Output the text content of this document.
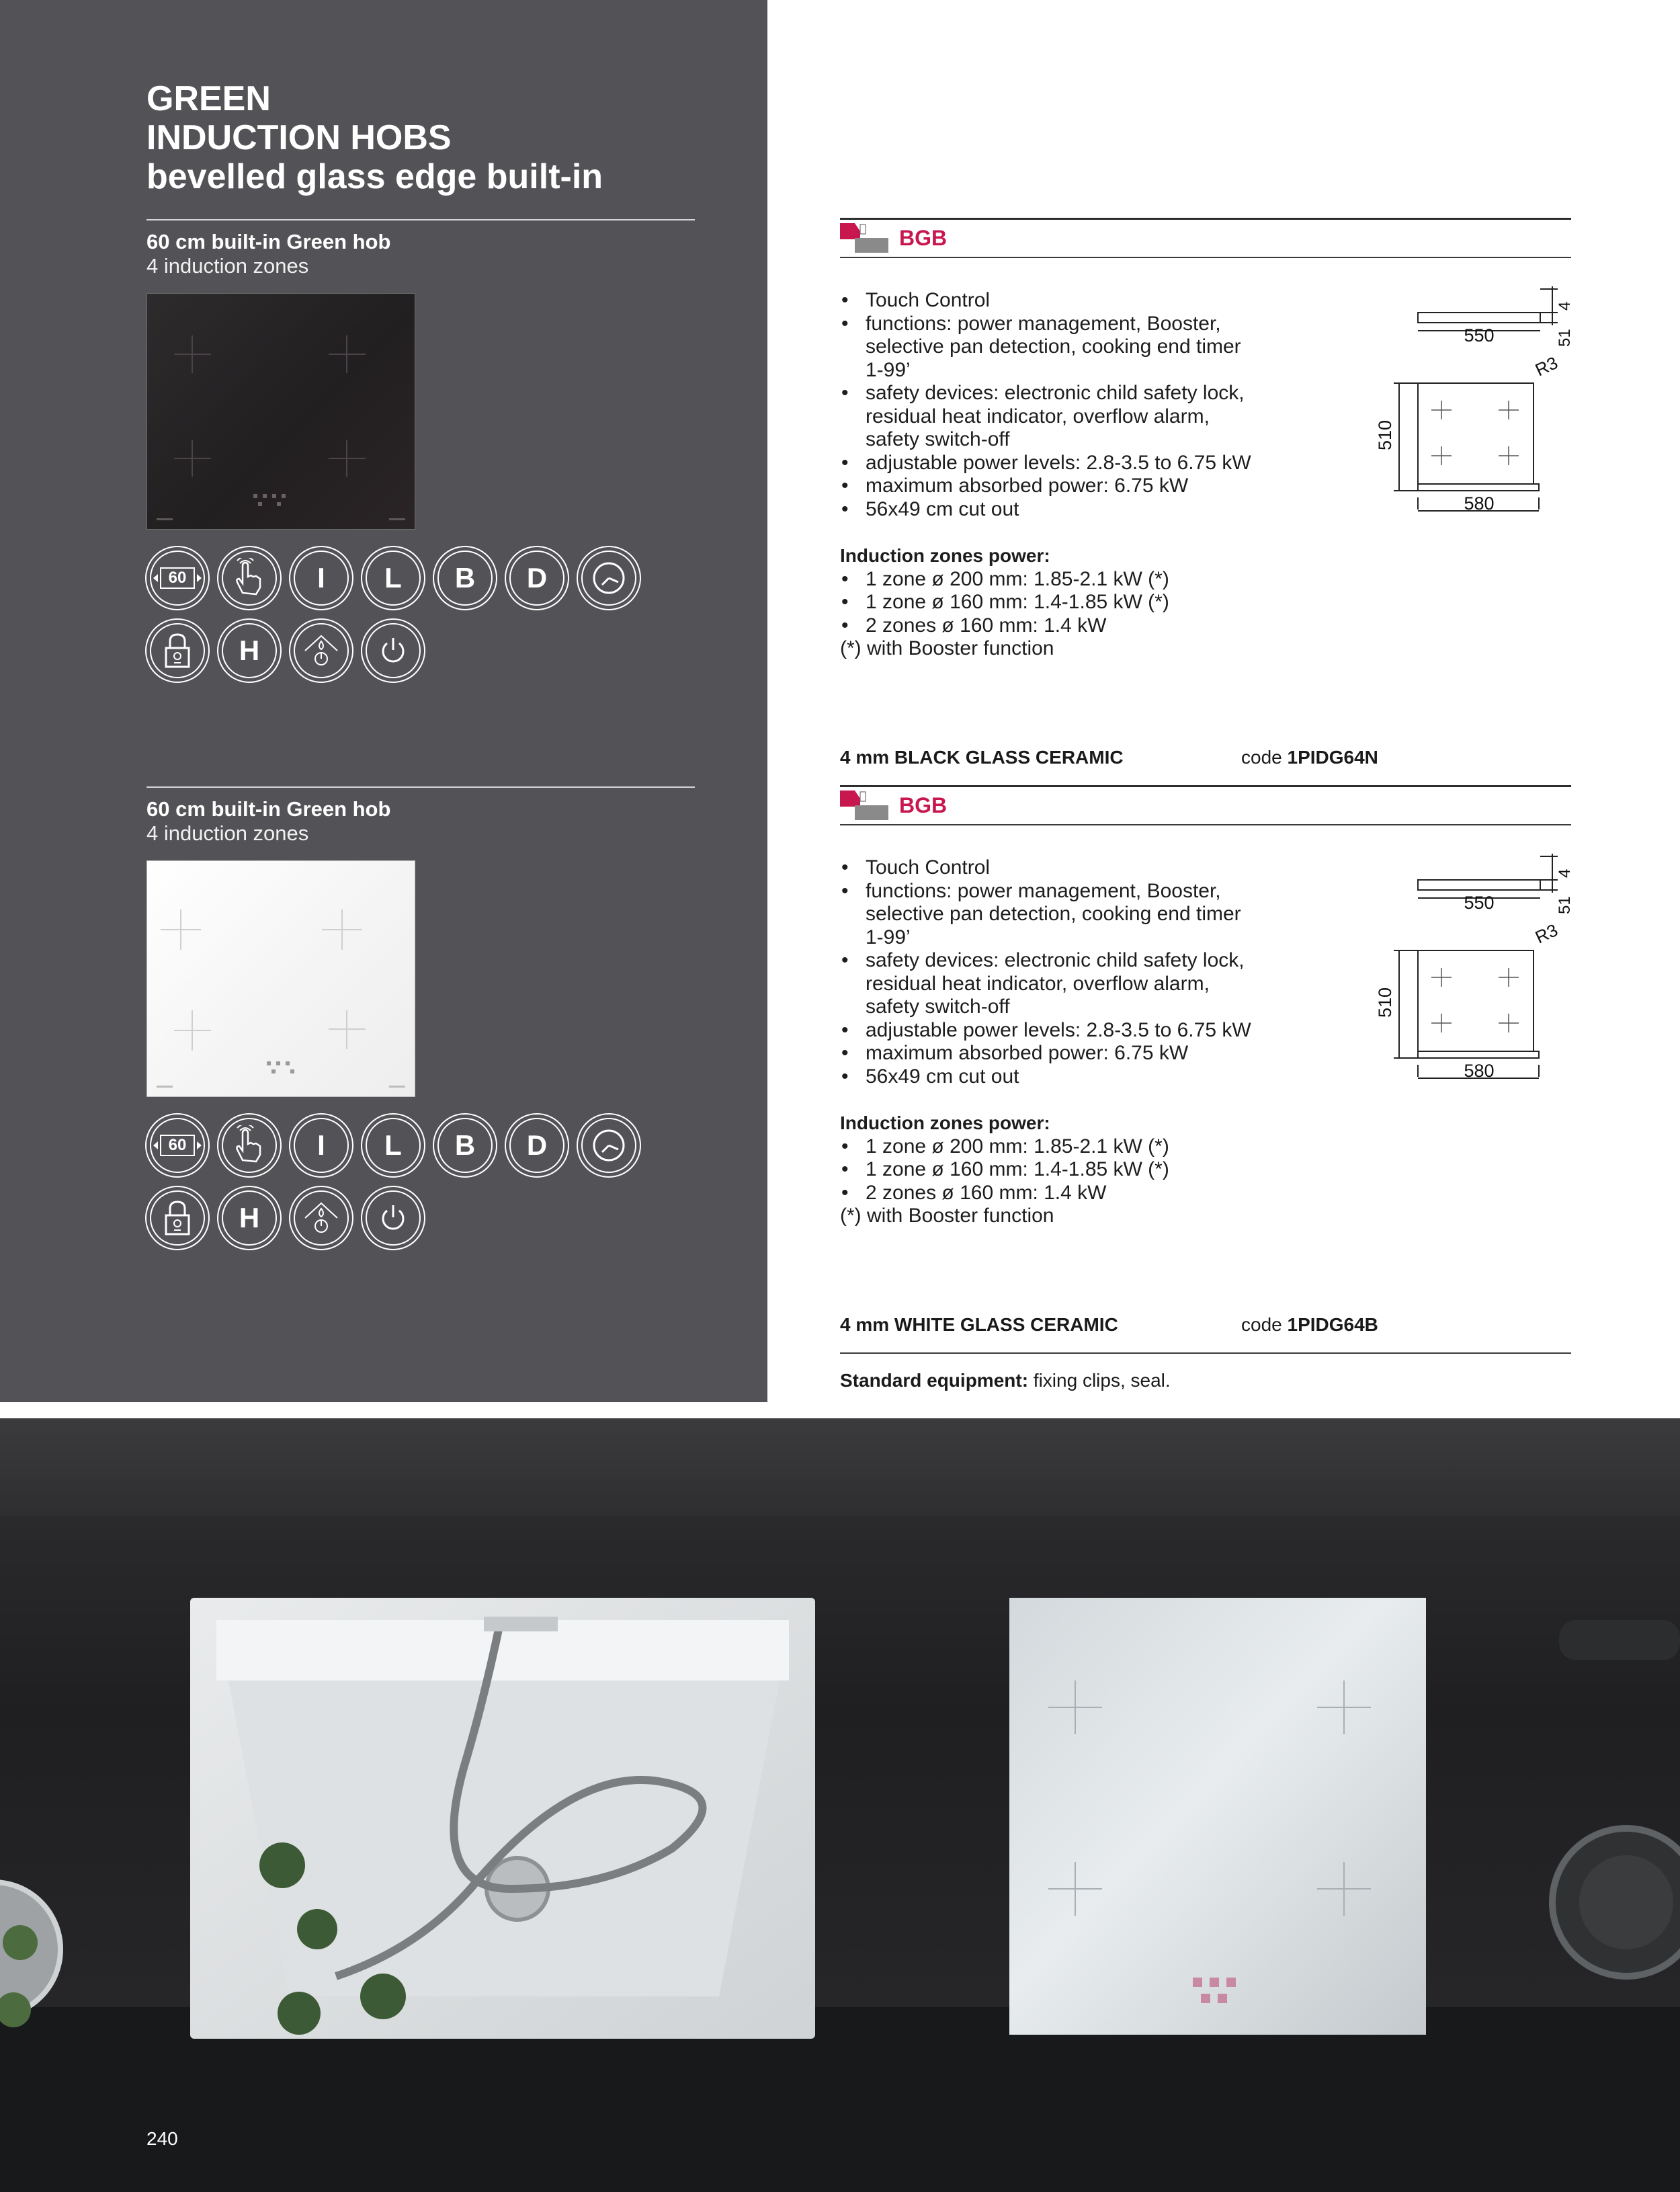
GREEN
INDUCTION HOBS
bevelled glass edge built-in
60 cm built-in Green hob
4 induction zones
60	I L B D
H
60 cm built-in Green hob
4 induction zones
60	I L B D
H
BGB
• Touch Control
• functions: power management, Booster, selective pan detection, cooking end timer 1-99’
• safety devices: electronic child safety lock, residual heat indicator, overflow alarm, safety switch-off
• adjustable power levels: 2.8-3.5 to 6.75 kW
• maximum absorbed power: 6.75 kW
• 56x49 cm cut out
Induction zones power:
• 1 zone ø 200 mm: 1.85-2.1 kW (*)
• 1 zone ø 160 mm: 1.4-1.85 kW (*)
• 2 zones ø 160 mm: 1.4 kW

(*) with Booster function

550
580
510
4
51
R3
4 mm BLACK GLASS CERAMIC	code 1PIDG64N
BGB
• Touch Control
• functions: power management, Booster, selective pan detection, cooking end timer 1-99’
• safety devices: electronic child safety lock, residual heat indicator, overflow alarm, safety switch-off
• adjustable power levels: 2.8-3.5 to 6.75 kW
• maximum absorbed power: 6.75 kW
• 56x49 cm cut out
Induction zones power:
• 1 zone ø 200 mm: 1.85-2.1 kW (*)
• 1 zone ø 160 mm: 1.4-1.85 kW (*)
• 2 zones ø 160 mm: 1.4 kW

(*) with Booster function

550
580
510
4
51
R3
4 mm WHITE GLASS CERAMIC	code 1PIDG64B
Standard equipment: fixing clips, seal.
240
